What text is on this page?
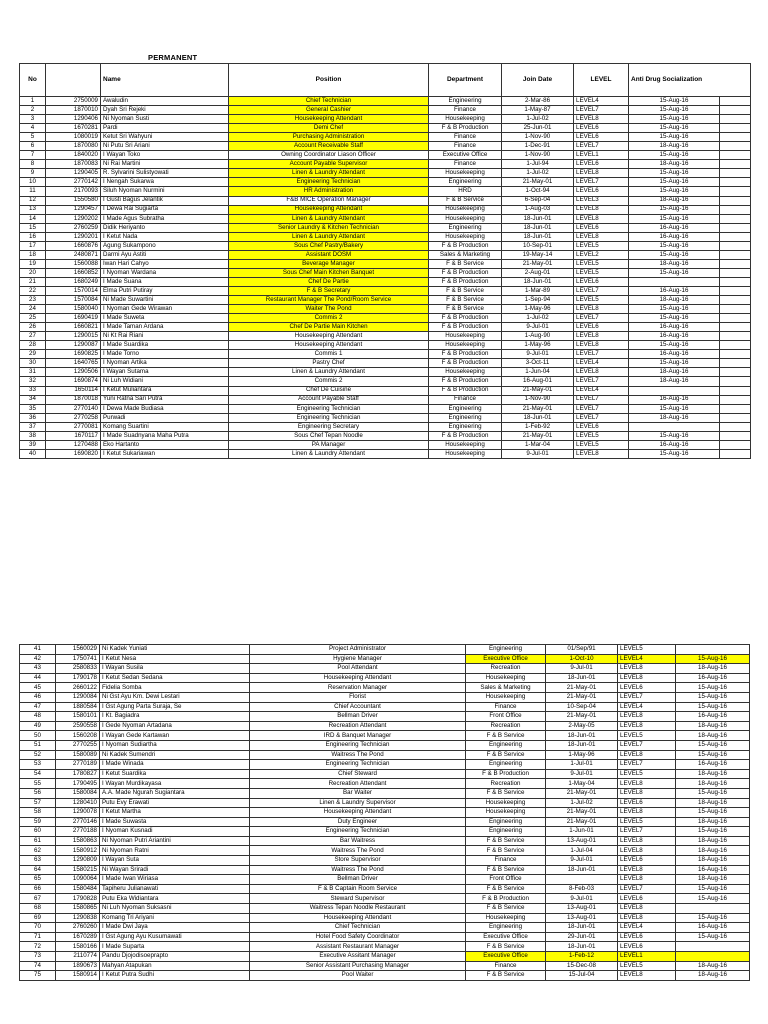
PERMANENT
No		Name	Position	Department	Join Date	LEVEL	Anti Drug Socialization	
1	2750009	Awaludin	Chief Technician	Engineering	2-Mar-86	LEVEL4	15-Aug-16	
2	1870010	Dyah Sri Rejeki	General Cashier	Finance	1-May-87	LEVEL7	15-Aug-16	
3	1290406	Ni Nyoman Susti	Housekeeping Attendant	Housekeeping	1-Jul-02	LEVEL8	15-Aug-16	
4	1670281	Pardi	Demi Chef	F & B Production	25-Jun-01	LEVEL6	15-Aug-16	
5	1080019	Ketut Sri Wahyuni	Purchasing Administration	Finance	1-Nov-90	LEVEL6	15-Aug-16	
6	1870080	Ni Putu Sri Ariani	Account Receivable Staff	Finance	1-Dec-91	LEVEL7	18-Aug-16	
7	1840020	I Wayan Toko	Owning Coordinator Liason Officer	Executive Office	1-Nov-90	LEVEL1	15-Aug-16	
8	1870083	Ni Rai Martini	Account Payable Supervisor	Finance	1-Jul-94	LEVEL6	18-Aug-16	
9	1290405	R. Sylvarini Sulistyowati	Linen & Laundry Attendant	Housekeeping	1-Jul-02	LEVEL8	15-Aug-16	
10	2770142	I Nengah Sukarwa	Engineering Technician	Engineering	21-May-01	LEVEL7	15-Aug-16	
11	2170093	Siluh Nyoman Nurmini	HR Administration	HRD	1-Oct-94	LEVEL6	15-Aug-16	
12	1550580	I Gusti Bagus Jelantik	F&B MICE Operation Manager	F & B Service	6-Sep-04	LEVEL3	18-Aug-16	
13	1290457	I Dewa Rai Sugiarta	Housekeeping Attendant	Housekeeping	1-Aug-03	LEVEL8	15-Aug-16	
14	1290202	I Made Agus Subratha	Linen & Laundry Attendant	Housekeeping	18-Jun-01	LEVEL8	15-Aug-16	
15	2760259	Didik Heriyanto	Senior Laundry & Kitchen Technician	Engineering	18-Jun-01	LEVEL6	16-Aug-16	
16	1290201	I Ketut Nada	Linen & Laundry Attendant	Housekeeping	18-Jun-01	LEVEL8	16-Aug-16	
17	1660876	Agung Sukampono	Sous Chef Pastry/Bakery	F & B Production	10-Sep-01	LEVEL5	15-Aug-16	
18	2480871	Darmi Ayu Astiti	Assistant DOSM	Sales & Marketing	19-May-14	LEVEL2	15-Aug-16	
19	1560088	Iwan Hari Cahyo	Beverage Manager	F & B Service	21-May-01	LEVEL5	18-Aug-16	
20	1660852	I Nyoman Wardana	Sous Chef Main Kitchen Banquet	F & B Production	2-Aug-01	LEVEL5	15-Aug-16	
21	1680249	I Made Suana	Chef De Partie	F & B Production	18-Jun-01	LEVEL6		
22	1570014	Elma Putri Putiray	F & B Secretary	F & B Service	1-Mar-89	LEVEL7	16-Aug-16	
23	1570084	Ni Made Suwartini	Restaurant Manager The Pond/Room Service	F & B Service	1-Sep-94	LEVEL5	18-Aug-16	
24	1580040	I Nyoman Gede Wirawan	Waiter The Pond	F & B Service	1-May-96	LEVEL8	15-Aug-16	
25	1690419	I Made Suweta	Commis 2	F & B Production	1-Jul-02	LEVEL7	15-Aug-16	
26	1660821	I Made Taman Ardana	Chef De Partie Main Kitchen	F & B Production	9-Jul-01	LEVEL6	16-Aug-16	
27	1290015	Ni Kt Rai Riani	Housekeeping Attendant	Housekeeping	1-Aug-90	LEVEL8	16-Aug-16	
28	1290087	I Made Suardika	Housekeeping Attendant	Housekeeping	1-May-96	LEVEL8	15-Aug-16	
29	1690825	I Made Torno	Commis 1	F & B Production	9-Jul-01	LEVEL7	16-Aug-16	
30	1640765	I Nyoman Artika	Pastry Chef	F & B Production	3-Oct-11	LEVEL4	15-Aug-16	
31	1290506	I Wayan Sutama	Linen & Laundry Attendant	Housekeeping	1-Jun-04	LEVEL8	18-Aug-16	
32	1690874	Ni Luh Widiani	Commis 2	F & B Production	16-Aug-01	LEVEL7	18-Aug-16	
33	1650114	I Ketut Muliantara	Chef De Cuisine	F & B Production	21-May-01	LEVEL4		
34	1870018	Yuni Ratna Sari Putra	Account Payable Staff	Finance	1-Nov-90	LEVEL7	16-Aug-16	
35	2770140	I Dewa Made Budiasa	Engineering Technician	Engineering	21-May-01	LEVEL7	15-Aug-16	
36	2770258	Purwadi	Engineering Technician	Engineering	18-Jun-01	LEVEL7	18-Aug-16	
37	2770081	Komang Suartini	Engineering Secretary	Engineering	1-Feb-92	LEVEL6		
38	1670117	I Made Suadnyana Maha Putra	Sous Chef Tepan Noodle	F & B Production	21-May-01	LEVEL5	15-Aug-16	
39	1270488	Eko Hartanto	PA Manager	Housekeeping	1-Mar-04	LEVEL5	16-Aug-16	
40	1690820	I Ketut Sukariawan	Linen & Laundry Attendant	Housekeeping	9-Jul-01	LEVEL8	15-Aug-16	
41	1560029	Ni Kadek Yuniati	Project Administrator	Engineering	01/Sep/91	LEVEL5	
42	1750741	I Ketut Nesa	Hygiene Manager	Executive Office	1-Oct-10	LEVEL4	15-Aug-16
43	2580833	I Wayan Susila	Pool Attendant	Recreation	9-Jul-01	LEVEL8	18-Aug-16
44	1790178	I Ketut Sedan Sedana	Housekeeping Attendant	Housekeeping	18-Jun-01	LEVEL8	16-Aug-16
45	2660122	Fidelia Somba	Reservation Manager	Sales & Marketing	21-May-01	LEVEL6	15-Aug-16
46	1290084	Ni Gst Ayu Km. Dewi Lestari	Florist	Housekeeping	21-May-01	LEVEL7	15-Aug-16
47	1880584	I Gst Agung Parta Suraja, Se	Chief Accountant	Finance	10-Sep-04	LEVEL4	15-Aug-16
48	1580101	I Kt. Bagiadra	Bellman Driver	Front Office	21-May-01	LEVEL8	16-Aug-16
49	2590558	I Gede Nyoman Artadana	Recreation Attendant	Recreation	2-May-05	LEVEL8	18-Aug-16
50	1560208	I Wayan Gede Kartawan	IRD & Banquet Manager	F & B Service	18-Jun-01	LEVEL5	18-Aug-16
51	2770255	I Nyoman Sudiartha	Engineering Technician	Engineering	18-Jun-01	LEVEL7	15-Aug-16
52	1580089	Ni Kadek Sumendri	Waitress The Pond	F & B Service	1-May-96	LEVEL8	15-Aug-16
53	2770189	I Made Winada	Engineering Technician	Engineering	1-Jul-01	LEVEL7	16-Aug-16
54	1780827	I Ketut Suardika	Chief Steward	F & B Production	9-Jul-01	LEVEL5	18-Aug-16
55	1790495	I Wayan Murdikayasa	Recreation Attendant	Recreation	1-May-04	LEVEL8	18-Aug-16
56	1580084	A.A. Made Ngurah Sugiantara	Bar Waiter	F & B Service	21-May-01	LEVEL8	15-Aug-16
57	1280410	Putu Evy Erawati	Linen & Laundry Supervisor	Housekeeping	1-Jul-02	LEVEL6	18-Aug-16
58	1290078	I Ketut Martha	Housekeeping Attendant	Housekeeping	21-May-01	LEVEL8	15-Aug-16
59	2770146	I Made Suwasta	Duty Engineer	Engineering	21-May-01	LEVEL5	18-Aug-16
60	2770188	I Nyoman Kusnadi	Engineering Technician	Engineering	1-Jun-01	LEVEL7	15-Aug-16
61	1580863	Ni Nyoman Putri Ariantini	Bar Waitress	F & B Service	13-Aug-01	LEVEL8	18-Aug-16
62	1580912	Ni Nyoman Ratni	Waitress The Pond	F & B Service	1-Jul-04	LEVEL8	18-Aug-16
63	1290809	I Wayan Suta	Store Supervisor	Finance	9-Jul-01	LEVEL6	18-Aug-16
64	1580215	Ni Wayan Sriradi	Waitress The Pond	F & B Service	18-Jun-01	LEVEL8	16-Aug-16
65	1090064	I Made Iwan Wiriasa	Bellman Driver	Front Office		LEVEL8	18-Aug-16
66	1580484	Tapiheru Julianawati	F & B Captain Room Service	F & B Service	8-Feb-03	LEVEL7	15-Aug-16
67	1790828	Putu Eka Widiantara	Steward Supervisor	F & B Production	9-Jul-01	LEVEL6	15-Aug-16
68	1580865	Ni Luh Nyoman Suksasni	Waitress Tepan Noodle Restaurant	F & B Service	13-Aug-01	LEVEL8	
69	1290838	Komang Tri Ariyani	Housekeeping Attendant	Housekeeping	13-Aug-01	LEVEL8	15-Aug-16
70	2760260	I Made Dwi Jaya	Chief Technician	Engineering	18-Jun-01	LEVEL4	16-Aug-16
71	1670289	I Gst Agung Ayu Kusumawati	Hotel Food Safety Coordinator	Executive Office	29-Jun-01	LEVEL6	15-Aug-16
72	1580166	I Made Suparta	Assistant Restaurant Manager	F & B Service	18-Jun-01	LEVEL6	
73	2110774	Pandu Djojodisoeprapto	Executive Assitant Manager	Executive Office	1-Feb-12	LEVEL1	
74	1890673	Mahyan Atapukan	Senior Assistant Purchasing Manager	Finance	15-Dec-08	LEVEL5	18-Aug-16
75	1580914	I Ketut Putra Sudhi	Pool Waiter	F & B Service	15-Jul-04	LEVEL8	18-Aug-16
